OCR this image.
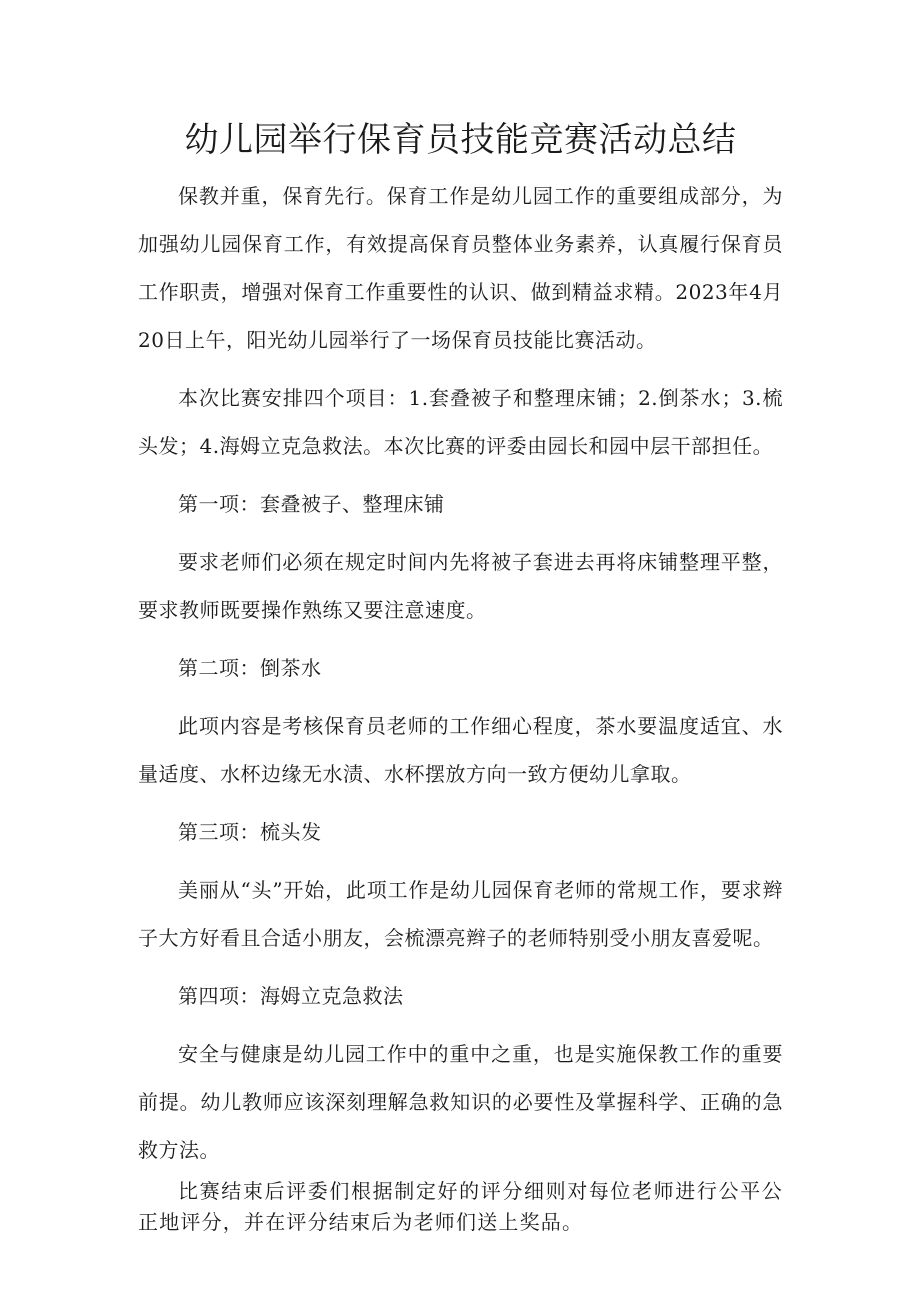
幼儿园举行保育员技能竞赛活动总结

保教并重，保育先行。保育工作是幼儿园工作的重要组成部分，为加强幼儿园保育工作，有效提高保育员整体业务素养，认真履行保育员工作职责，增强对保育工作重要性的认识、做到精益求精。2023年4月20日上午，阳光幼儿园举行了一场保育员技能比赛活动。

本次比赛安排四个项目：1.套叠被子和整理床铺；2.倒茶水；3.梳头发；4.海姆立克急救法。本次比赛的评委由园长和园中层干部担任。

第一项：套叠被子、整理床铺

要求老师们必须在规定时间内先将被子套进去再将床铺整理平整，要求教师既要操作熟练又要注意速度。

第二项：倒茶水

此项内容是考核保育员老师的工作细心程度，茶水要温度适宜、水量适度、水杯边缘无水渍、水杯摆放方向一致方便幼儿拿取。

第三项：梳头发

美丽从“头”开始，此项工作是幼儿园保育老师的常规工作，要求辫子大方好看且合适小朋友，会梳漂亮辫子的老师特别受小朋友喜爱呢。

第四项：海姆立克急救法

安全与健康是幼儿园工作中的重中之重，也是实施保教工作的重要前提。幼儿教师应该深刻理解急救知识的必要性及掌握科学、正确的急救方法。

比赛结束后评委们根据制定好的评分细则对每位老师进行公平公正地评分，并在评分结束后为老师们送上奖品。
